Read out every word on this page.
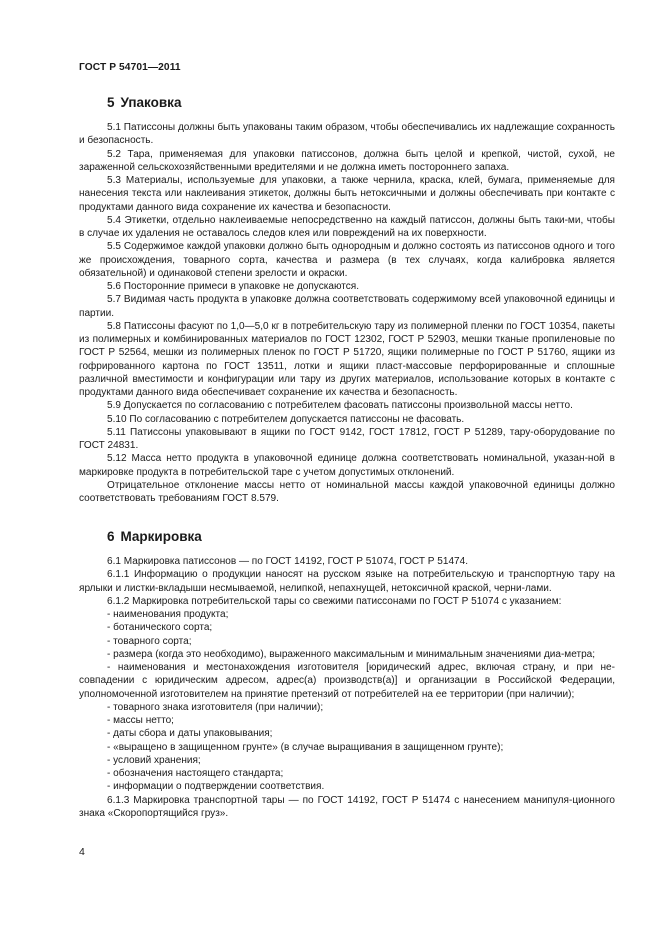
ГОСТ Р 54701—2011
5 Упаковка

5.1 Патиссоны должны быть упакованы таким образом, чтобы обеспечивались их надлежащие сохранность и безопасность.

5.2 Тара, применяемая для упаковки патиссонов, должна быть целой и крепкой, чистой, сухой, не зараженной сельскохозяйственными вредителями и не должна иметь постороннего запаха.

5.3 Материалы, используемые для упаковки, а также чернила, краска, клей, бумага, применяемые для нанесения текста или наклеивания этикеток, должны быть нетоксичными и должны обеспечивать при контакте с продуктами данного вида сохранение их качества и безопасности.

5.4 Этикетки, отдельно наклеиваемые непосредственно на каждый патиссон, должны быть таки-ми, чтобы в случае их удаления не оставалось следов клея или повреждений на их поверхности.

5.5 Содержимое каждой упаковки должно быть однородным и должно состоять из патиссонов одного и того же происхождения, товарного сорта, качества и размера (в тех случаях, когда калибровка является обязательной) и одинаковой степени зрелости и окраски.

5.6 Посторонние примеси в упаковке не допускаются.

5.7 Видимая часть продукта в упаковке должна соответствовать содержимому всей упаковочной единицы и партии.

5.8 Патиссоны фасуют по 1,0—5,0 кг в потребительскую тару из полимерной пленки по ГОСТ 10354, пакеты из полимерных и комбинированных материалов по ГОСТ 12302, ГОСТ Р 52903, мешки тканые пропиленовые по ГОСТ Р 52564, мешки из полимерных пленок по ГОСТ Р 51720, ящики полимерные по ГОСТ Р 51760, ящики из гофрированного картона по ГОСТ 13511, лотки и ящики пласт-массовые перфорированные и сплошные различной вместимости и конфигурации или тару из других материалов, использование которых в контакте с продуктами данного вида обеспечивает сохранение их качества и безопасность.

5.9 Допускается по согласованию с потребителем фасовать патиссоны произвольной массы нетто.

5.10 По согласованию с потребителем допускается патиссоны не фасовать.

5.11 Патиссоны упаковывают в ящики по ГОСТ 9142, ГОСТ 17812, ГОСТ Р 51289, тару-оборудование по ГОСТ 24831.

5.12 Масса нетто продукта в упаковочной единице должна соответствовать номинальной, указан-ной в маркировке продукта в потребительской таре с учетом допустимых отклонений.

Отрицательное отклонение массы нетто от номинальной массы каждой упаковочной единицы должно соответствовать требованиям ГОСТ 8.579.

6 Маркировка

6.1 Маркировка патиссонов — по ГОСТ 14192, ГОСТ Р 51074, ГОСТ Р 51474.

6.1.1 Информацию о продукции наносят на русском языке на потребительскую и транспортную тару на ярлыки и листки-вкладыши несмываемой, нелипкой, непахнущей, нетоксичной краской, черни-лами.

6.1.2 Маркировка потребительской тары со свежими патиссонами по ГОСТ Р 51074 с указанием:

- наименования продукта;

- ботанического сорта;

- товарного сорта;

- размера (когда это необходимо), выраженного максимальным и минимальным значениями диа-метра;

- наименования и местонахождения изготовителя [юридический адрес, включая страну, и при не-совпадении с юридическим адресом, адрес(а) производств(а)] и организации в Российской Федерации, уполномоченной изготовителем на принятие претензий от потребителей на ее территории (при наличии);

- товарного знака изготовителя (при наличии);

- массы нетто;

- даты сбора и даты упаковывания;

- «выращено в защищенном грунте» (в случае выращивания в защищенном грунте);

- условий хранения;

- обозначения настоящего стандарта;

- информации о подтверждении соответствия.

6.1.3 Маркировка транспортной тары — по ГОСТ 14192, ГОСТ Р 51474 с нанесением манипуля-ционного знака «Скоропортящийся груз».

4
